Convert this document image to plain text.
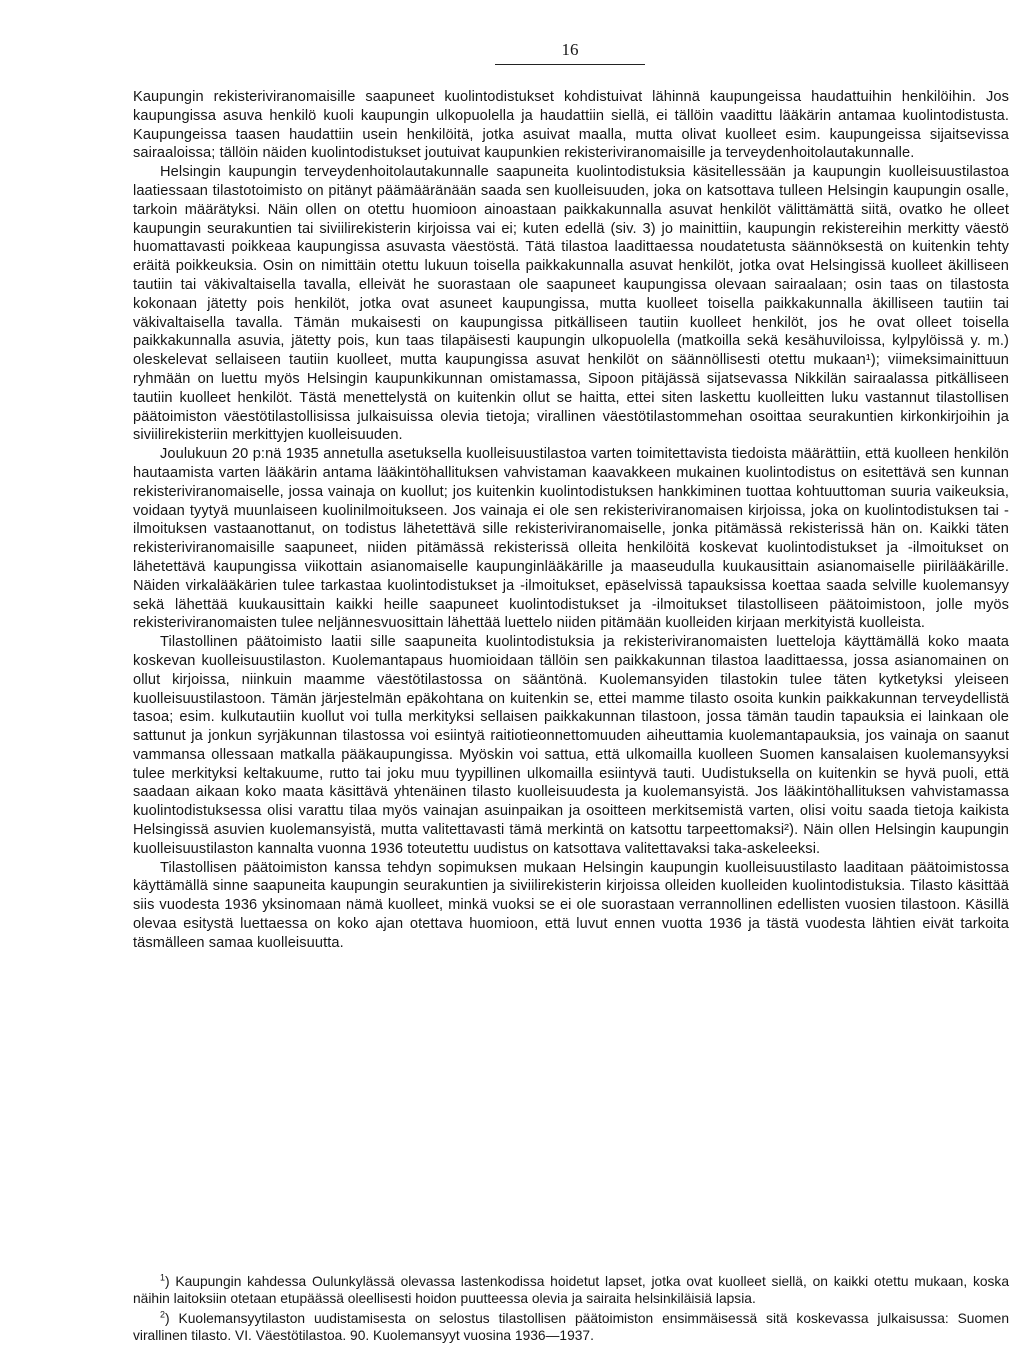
16

Kaupungin rekisteriviranomaisille saapuneet kuolintodistukset kohdistuivat lähinnä kaupungeissa haudattuihin henkilöihin. Jos kaupungissa asuva henkilö kuoli kaupungin ulkopuolella ja haudattiin siellä, ei tällöin vaadittu lääkärin antamaa kuolintodistusta. Kaupungeissa taasen haudattiin usein henkilöitä, jotka asuivat maalla, mutta olivat kuolleet esim. kaupungeissa sijaitsevissa sairaaloissa; tällöin näiden kuolintodistukset joutuivat kaupunkien rekisteriviranomaisille ja terveydenhoitolautakunnalle.

Helsingin kaupungin terveydenhoitolautakunnalle saapuneita kuolintodistuksia käsitellessään ja kaupungin kuolleisuustilastoa laatiessaan tilastotoimisto on pitänyt päämääränään saada sen kuolleisuuden, joka on katsottava tulleen Helsingin kaupungin osalle, tarkoin määrätyksi. Näin ollen on otettu huomioon ainoastaan paikkakunnalla asuvat henkilöt välittämättä siitä, ovatko he olleet kaupungin seurakuntien tai siviilirekisterin kirjoissa vai ei; kuten edellä (siv. 3) jo mainittiin, kaupungin rekistereihin merkitty väestö huomattavasti poikkeaa kaupungissa asuvasta väestöstä. Tätä tilastoa laadittaessa noudatetusta säännöksestä on kuitenkin tehty eräitä poikkeuksia. Osin on nimittäin otettu lukuun toisella paikkakunnalla asuvat henkilöt, jotka ovat Helsingissä kuolleet äkilliseen tautiin tai väkivaltaisella tavalla, elleivät he suorastaan ole saapuneet kaupungissa olevaan sairaalaan; osin taas on tilastosta kokonaan jätetty pois henkilöt, jotka ovat asuneet kaupungissa, mutta kuolleet toisella paikkakunnalla äkilliseen tautiin tai väkivaltaisella tavalla. Tämän mukaisesti on kaupungissa pitkälliseen tautiin kuolleet henkilöt, jos he ovat olleet toisella paikkakunnalla asuvia, jätetty pois, kun taas tilapäisesti kaupungin ulkopuolella (matkoilla sekä kesähuviloissa, kylpylöissä y. m.) oleskelevat sellaiseen tautiin kuolleet, mutta kaupungissa asuvat henkilöt on säännöllisesti otettu mukaan¹); viimeksimainittuun ryhmään on luettu myös Helsingin kaupunkikunnan omistamassa, Sipoon pitäjässä sijatsevassa Nikkilän sairaalassa pitkälliseen tautiin kuolleet henkilöt. Tästä menettelystä on kuitenkin ollut se haitta, ettei siten laskettu kuolleitten luku vastannut tilastollisen päätoimiston väestötilastollisissa julkaisuissa olevia tietoja; virallinen väestötilastommehan osoittaa seurakuntien kirkonkirjoihin ja siviilirekisteriin merkittyjen kuolleisuuden.

Joulukuun 20 p:nä 1935 annetulla asetuksella kuolleisuustilastoa varten toimitettavista tiedoista määrättiin, että kuolleen henkilön hautaamista varten lääkärin antama lääkintöhallituksen vahvistaman kaavakkeen mukainen kuolintodistus on esitettävä sen kunnan rekisteriviranomaiselle, jossa vainaja on kuollut; jos kuitenkin kuolintodistuksen hankkiminen tuottaa kohtuuttoman suuria vaikeuksia, voidaan tyytyä muunlaiseen kuolinilmoitukseen. Jos vainaja ei ole sen rekisteriviranomaisen kirjoissa, joka on kuolintodistuksen tai -ilmoituksen vastaanottanut, on todistus lähetettävä sille rekisteriviranomaiselle, jonka pitämässä rekisterissä hän on. Kaikki täten rekisteriviranomaisille saapuneet, niiden pitämässä rekisterissä olleita henkilöitä koskevat kuolintodistukset ja -ilmoitukset on lähetettävä kaupungissa viikottain asianomaiselle kaupunginlääkärille ja maaseudulla kuukausittain asianomaiselle piirilääkärille. Näiden virkalääkärien tulee tarkastaa kuolintodistukset ja -ilmoitukset, epäselvissä tapauksissa koettaa saada selville kuolemansyy sekä lähettää kuukausittain kaikki heille saapuneet kuolintodistukset ja -ilmoitukset tilastolliseen päätoimistoon, jolle myös rekisteriviranomaisten tulee neljännesvuosittain lähettää luettelo niiden pitämään kuolleiden kirjaan merkityistä kuolleista.

Tilastollinen päätoimisto laatii sille saapuneita kuolintodistuksia ja rekisteriviranomaisten luetteloja käyttämällä koko maata koskevan kuolleisuustilaston. Kuolemantapaus huomioidaan tällöin sen paikkakunnan tilastoa laadittaessa, jossa asianomainen on ollut kirjoissa, niinkuin maamme väestötilastossa on sääntönä. Kuolemansyiden tilastokin tulee täten kytketyksi yleiseen kuolleisuustilastoon. Tämän järjestelmän epäkohtana on kuitenkin se, ettei mamme tilasto osoita kunkin paikkakunnan terveydellistä tasoa; esim. kulkutautiin kuollut voi tulla merkityksi sellaisen paikkakunnan tilastoon, jossa tämän taudin tapauksia ei lainkaan ole sattunut ja jonkun syrjäkunnan tilastossa voi esiintyä raitiotieonnettomuuden aiheuttamia kuolemantapauksia, jos vainaja on saanut vammansa ollessaan matkalla pääkaupungissa. Myöskin voi sattua, että ulkomailla kuolleen Suomen kansalaisen kuolemansyyksi tulee merkityksi keltakuume, rutto tai joku muu tyypillinen ulkomailla esiintyvä tauti. Uudistuksella on kuitenkin se hyvä puoli, että saadaan aikaan koko maata käsittävä yhtenäinen tilasto kuolleisuudesta ja kuolemansyistä. Jos lääkintöhallituksen vahvistamassa kuolintodistuksessa olisi varattu tilaa myös vainajan asuinpaikan ja osoitteen merkitsemistä varten, olisi voitu saada tietoja kaikista Helsingissä asuvien kuolemansyistä, mutta valitettavasti tämä merkintä on katsottu tarpeettomaksi²). Näin ollen Helsingin kaupungin kuolleisuustilaston kannalta vuonna 1936 toteutettu uudistus on katsottava valitettavaksi taka-askeleeksi.

Tilastollisen päätoimiston kanssa tehdyn sopimuksen mukaan Helsingin kaupungin kuolleisuustilasto laaditaan päätoimistossa käyttämällä sinne saapuneita kaupungin seurakuntien ja siviilirekisterin kirjoissa olleiden kuolleiden kuolintodistuksia. Tilasto käsittää siis vuodesta 1936 yksinomaan nämä kuolleet, minkä vuoksi se ei ole suorastaan verrannollinen edellisten vuosien tilastoon. Käsillä olevaa esitystä luettaessa on koko ajan otettava huomioon, että luvut ennen vuotta 1936 ja tästä vuodesta lähtien eivät tarkoita täsmälleen samaa kuolleisuutta.

$^1$) Kaupungin kahdessa Oulunkylässä olevassa lastenkodissa hoidetut lapset, jotka ovat kuolleet siellä, on kaikki otettu mukaan, koska näihin laitoksiin otetaan etupäässä oleellisesti hoidon puutteessa olevia ja sairaita helsinkiläisiä lapsia.

$^2$) Kuolemansyytilaston uudistamisesta on selostus tilastollisen päätoimiston ensimmäisessä sitä koskevassa julkaisussa: Suomen virallinen tilasto. VI. Väestötilastoa. 90. Kuolemansyyt vuosina 1936—1937.
